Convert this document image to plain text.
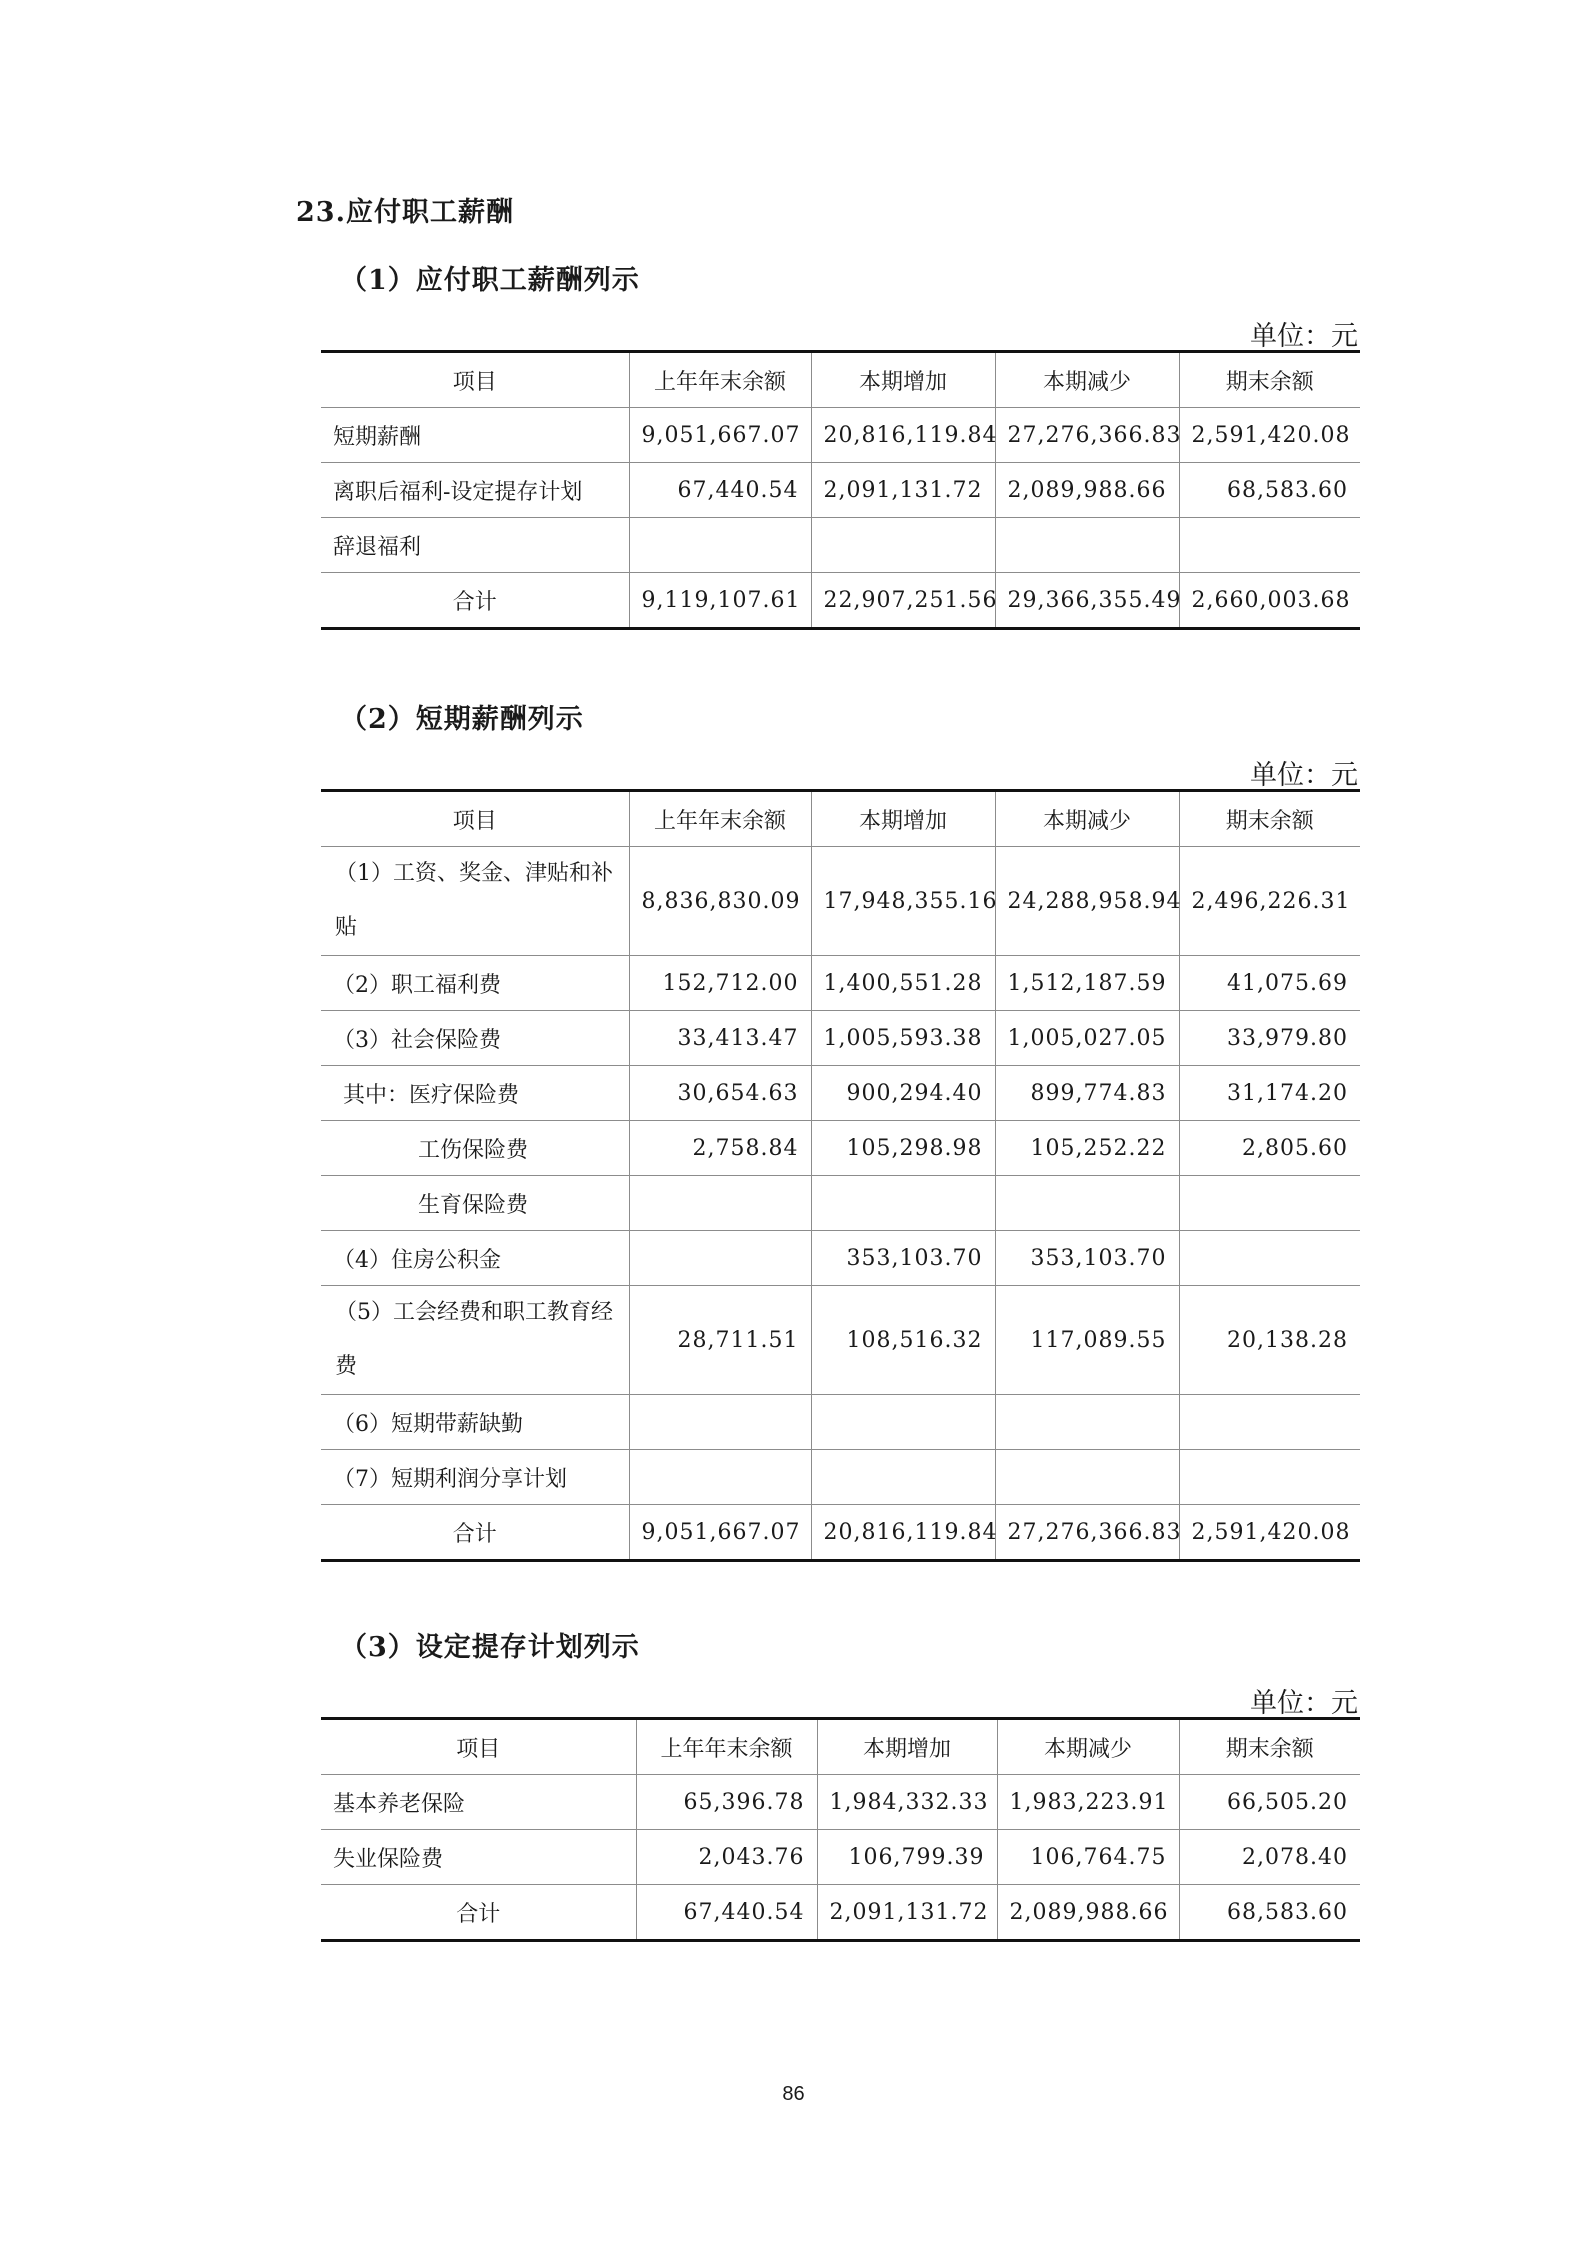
23.应付职工薪酬
（1）应付职工薪酬列示
单位：元
项目	上年年末余额	本期增加	本期减少	期末余额
短期薪酬	9,051,667.07	20,816,119.84	27,276,366.83	2,591,420.08
离职后福利-设定提存计划	67,440.54	2,091,131.72	2,089,988.66	68,583.60
辞退福利				
合计	9,119,107.61	22,907,251.56	29,366,355.49	2,660,003.68
（2）短期薪酬列示
单位：元
项目	上年年末余额	本期增加	本期减少	期末余额
（1）工资、奖金、津贴和补贴	8,836,830.09	17,948,355.16	24,288,958.94	2,496,226.31
（2）职工福利费	152,712.00	1,400,551.28	1,512,187.59	41,075.69
（3）社会保险费	33,413.47	1,005,593.38	1,005,027.05	33,979.80
其中：医疗保险费	30,654.63	900,294.40	899,774.83	31,174.20
工伤保险费	2,758.84	105,298.98	105,252.22	2,805.60
生育保险费				
（4）住房公积金		353,103.70	353,103.70	
（5）工会经费和职工教育经费	28,711.51	108,516.32	117,089.55	20,138.28
（6）短期带薪缺勤				
（7）短期利润分享计划				
合计	9,051,667.07	20,816,119.84	27,276,366.83	2,591,420.08
（3）设定提存计划列示
单位：元
项目	上年年末余额	本期增加	本期减少	期末余额
基本养老保险	65,396.78	1,984,332.33	1,983,223.91	66,505.20
失业保险费	2,043.76	106,799.39	106,764.75	2,078.40
合计	67,440.54	2,091,131.72	2,089,988.66	68,583.60
86
